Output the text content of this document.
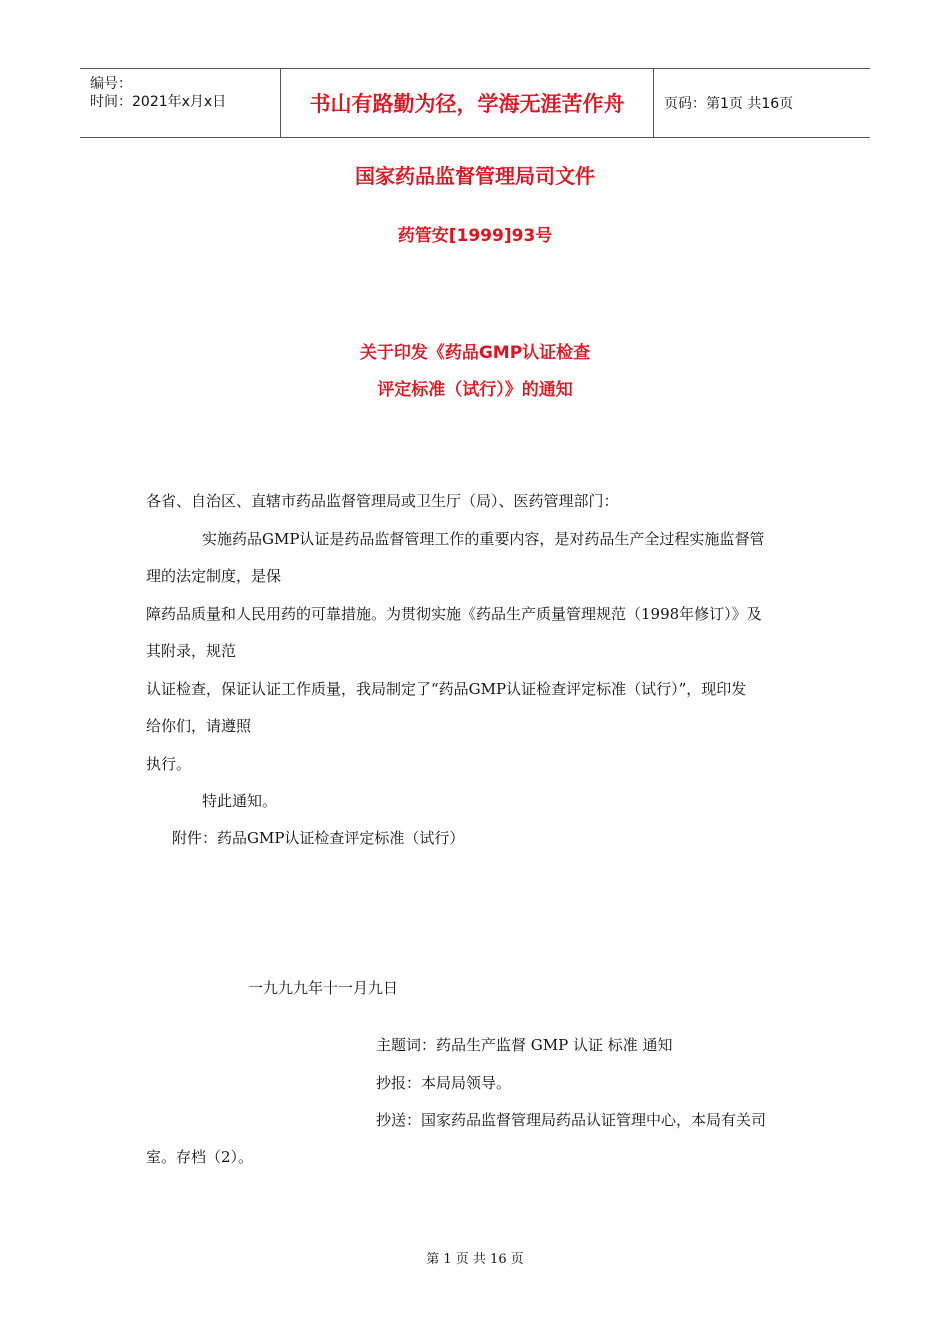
编号：
时间：2021年x月x日	书山有路勤为径，学海无涯苦作舟	页码：第1页 共16页
国家药品监督管理局司文件
药管安[1999]93号
关于印发《药品GMP认证检查
评定标准（试行）》的通知
各省、自治区、直辖市药品监督管理局或卫生厅（局）、医药管理部门：
实施药品GMP认证是药品监督管理工作的重要内容，是对药品生产全过程实施监督管
理的法定制度，是保
障药品质量和人民用药的可靠措施。为贯彻实施《药品生产质量管理规范（1998年修订）》及
其附录，规范
认证检查，保证认证工作质量，我局制定了“药品GMP认证检查评定标准（试行）”，现印发
给你们，请遵照
执行。
特此通知。
附件：药品GMP认证检查评定标准（试行）
一九九九年十一月九日
主题词：药品生产监督 GMP 认证 标准 通知
抄报：本局局领导。
抄送：国家药品监督管理局药品认证管理中心，本局有关司
室。存档（2）。
第 1 页 共 16 页
